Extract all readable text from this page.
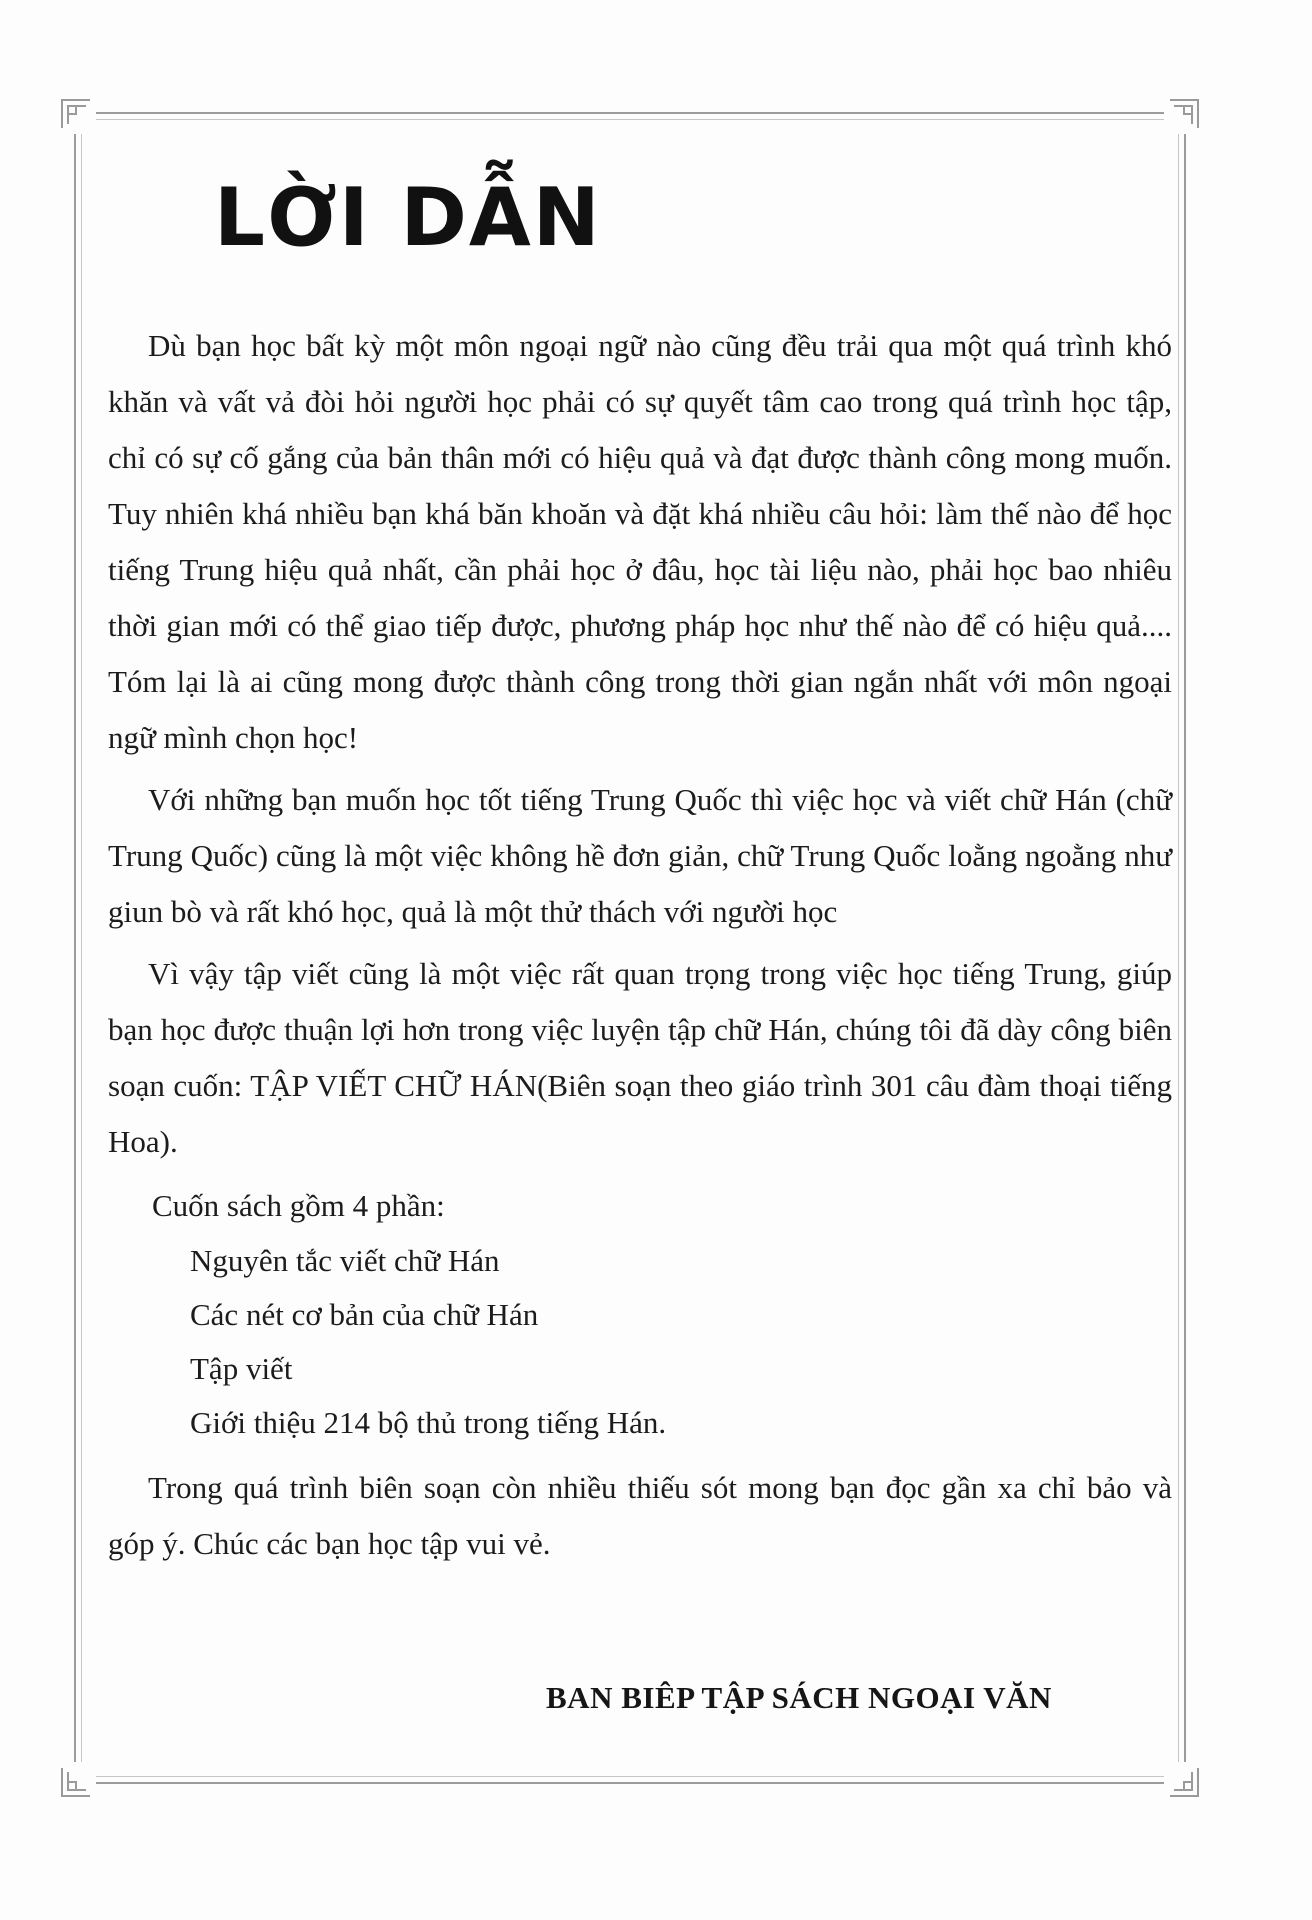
LỜI DẪN

Dù bạn học bất kỳ một môn ngoại ngữ nào cũng đều trải qua một quá trình khó khăn và vất vả đòi hỏi người học phải có sự quyết tâm cao trong quá trình học tập, chỉ có sự cố gắng của bản thân mới có hiệu quả và đạt được thành công mong muốn. Tuy nhiên khá nhiều bạn khá băn khoăn và đặt khá nhiều câu hỏi: làm thế nào để học tiếng Trung hiệu quả nhất, cần phải học ở đâu, học tài liệu nào, phải học bao nhiêu thời gian mới có thể giao tiếp được, phương pháp học như thế nào để có hiệu quả.... Tóm lại là ai cũng mong được thành công trong thời gian ngắn nhất với môn ngoại ngữ mình chọn học!

Với những bạn muốn học tốt tiếng Trung Quốc thì việc học và viết chữ Hán (chữ Trung Quốc) cũng là một việc không hề đơn giản, chữ Trung Quốc loằng ngoằng như giun bò và rất khó học, quả là một thử thách với người học

Vì vậy tập viết cũng là một việc rất quan trọng trong việc học tiếng Trung, giúp bạn học được thuận lợi hơn trong việc luyện tập chữ Hán, chúng tôi đã dày công biên soạn cuốn: TẬP VIẾT CHỮ HÁN(Biên soạn theo giáo trình 301 câu đàm thoại tiếng Hoa).

Cuốn sách gồm 4 phần:

Nguyên tắc viết chữ Hán
Các nét cơ bản của chữ Hán
Tập viết
Giới thiệu 214 bộ thủ trong tiếng Hán.

Trong quá trình biên soạn còn nhiều thiếu sót mong bạn đọc gần xa chỉ bảo và góp ý. Chúc các bạn học tập vui vẻ.

BAN BIÊP TẬP SÁCH NGOẠI VĂN
